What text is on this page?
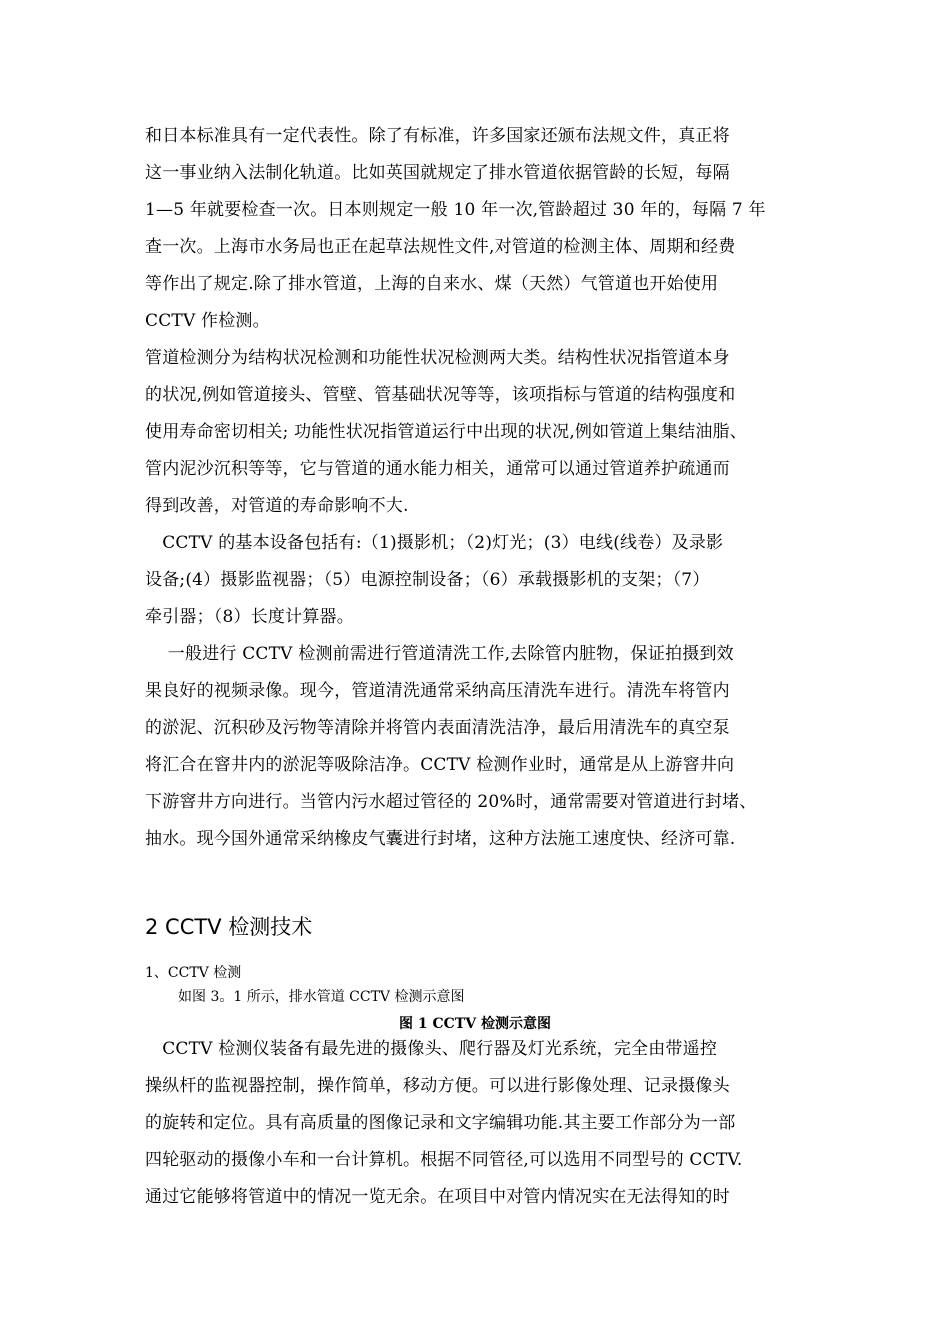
和日本标准具有一定代表性。除了有标准，许多国家还颁布法规文件，真正将
这一事业纳入法制化轨道。比如英国就规定了排水管道依据管龄的长短，每隔
1—5 年就要检查一次。日本则规定一般 10 年一次,管龄超过 30 年的，每隔 7 年
查一次。上海市水务局也正在起草法规性文件,对管道的检测主体、周期和经费
等作出了规定.除了排水管道，上海的自来水、煤（天然）气管道也开始使用
CCTV 作检测。
管道检测分为结构状况检测和功能性状况检测两大类。结构性状况指管道本身
的状况,例如管道接头、管壁、管基础状况等等，该项指标与管道的结构强度和
使用寿命密切相关; 功能性状况指管道运行中出现的状况,例如管道上集结油脂、
管内泥沙沉积等等，它与管道的通水能力相关，通常可以通过管道养护疏通而
得到改善，对管道的寿命影响不大.
　CCTV 的基本设备包括有:（1)摄影机；（2)灯光；(3）电线(线卷）及录影
设备;(4）摄影监视器；（5）电源控制设备；（6）承载摄影机的支架；（7）
牵引器；（8）长度计算器。
　 一般进行 CCTV 检测前需进行管道清洗工作,去除管内脏物，保证拍摄到效
果良好的视频录像。现今，管道清洗通常采纳高压清洗车进行。清洗车将管内
的淤泥、沉积砂及污物等清除并将管内表面清洗洁净，最后用清洗车的真空泵
将汇合在窨井内的淤泥等吸除洁净。CCTV 检测作业时，通常是从上游窨井向
下游窨井方向进行。当管内污水超过管径的 20%时，通常需要对管道进行封堵、
抽水。现今国外通常采纳橡皮气囊进行封堵，这种方法施工速度快、经济可靠.
2 CCTV 检测技术
1、CCTV 检测
如图 3。1 所示，排水管道 CCTV 检测示意图
图 1 CCTV 检测示意图
　CCTV 检测仪装备有最先进的摄像头、爬行器及灯光系统，完全由带遥控
操纵杆的监视器控制，操作简单，移动方便。可以进行影像处理、记录摄像头
的旋转和定位。具有高质量的图像记录和文字编辑功能.其主要工作部分为一部
四轮驱动的摄像小车和一台计算机。根据不同管径,可以选用不同型号的 CCTV.
通过它能够将管道中的情况一览无余。在项目中对管内情况实在无法得知的时
